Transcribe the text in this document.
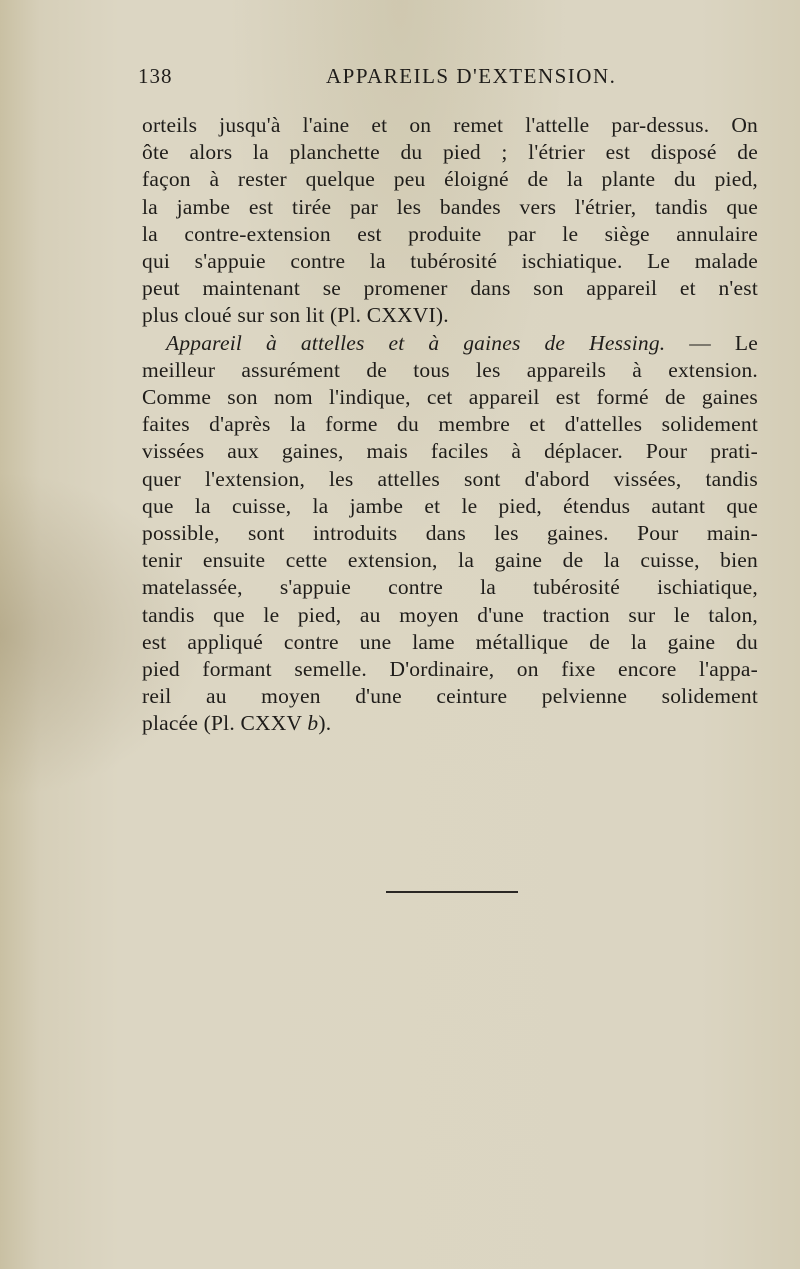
138	APPAREILS D'EXTENSION.
orteils jusqu'à l'aine et on remet l'attelle par-dessus. On
ôte alors la planchette du pied ; l'étrier est disposé de
façon à rester quelque peu éloigné de la plante du pied,
la jambe est tirée par les bandes vers l'étrier, tandis que
la contre-extension est produite par le siège annulaire
qui s'appuie contre la tubérosité ischiatique. Le malade
peut maintenant se promener dans son appareil et n'est
plus cloué sur son lit (Pl. CXXVI).
Appareil à attelles et à gaines de Hessing. — Le
meilleur assurément de tous les appareils à extension.
Comme son nom l'indique, cet appareil est formé de gaines
faites d'après la forme du membre et d'attelles solidement
vissées aux gaines, mais faciles à déplacer. Pour prati-
quer l'extension, les attelles sont d'abord vissées, tandis
que la cuisse, la jambe et le pied, étendus autant que
possible, sont introduits dans les gaines. Pour main-
tenir ensuite cette extension, la gaine de la cuisse, bien
matelassée, s'appuie contre la tubérosité ischiatique,
tandis que le pied, au moyen d'une traction sur le talon,
est appliqué contre une lame métallique de la gaine du
pied formant semelle. D'ordinaire, on fixe encore l'appa-
reil au moyen d'une ceinture pelvienne solidement
placée (Pl. CXXV b).
